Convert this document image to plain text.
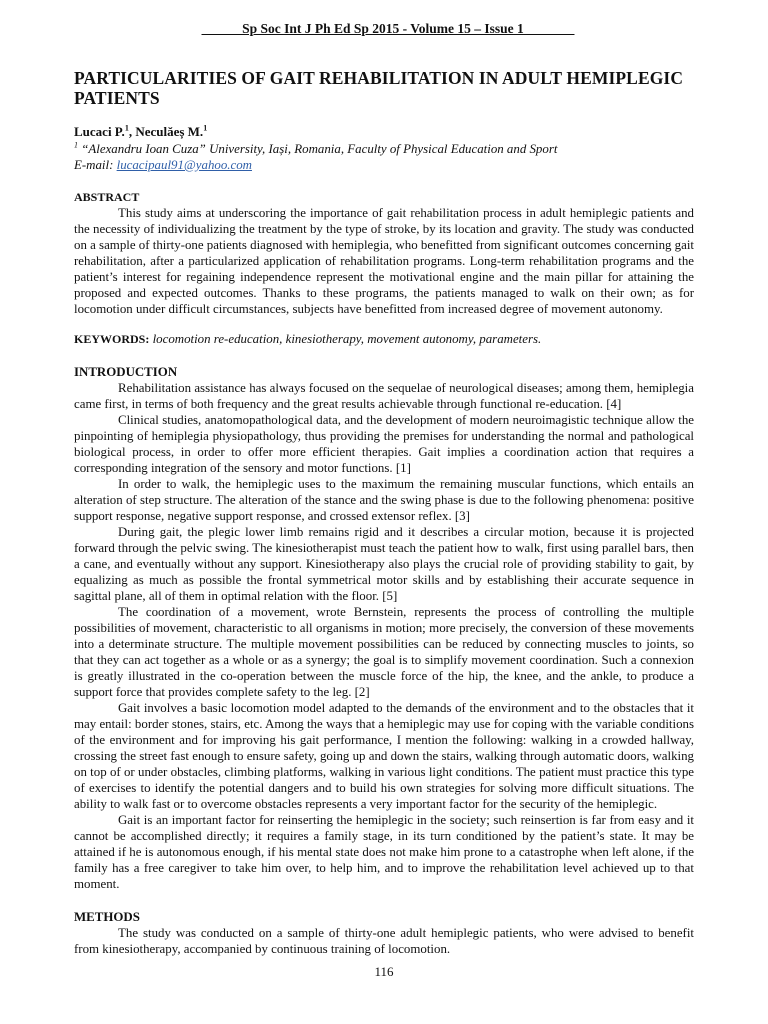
______Sp Soc Int J Ph Ed Sp 2015 - Volume 15 – Issue 1 _______
PARTICULARITIES OF GAIT REHABILITATION IN ADULT HEMIPLEGIC PATIENTS
Lucaci P.$^1$, Neculăeș M.$^1$
$^1$ “Alexandru Ioan Cuza” University, Iași, Romania, Faculty of Physical Education and Sport
E-mail: lucacipaul91@yahoo.com
ABSTRACT

This study aims at underscoring the importance of gait rehabilitation process in adult hemiplegic patients and the necessity of individualizing the treatment by the type of stroke, by its location and gravity. The study was conducted on a sample of thirty-one patients diagnosed with hemiplegia, who benefitted from significant outcomes concerning gait rehabilitation, after a particularized application of rehabilitation programs. Long-term rehabilitation programs and the patient’s interest for regaining independence represent the motivational engine and the main pillar for attaining the proposed and expected outcomes. Thanks to these programs, the patients managed to walk on their own; as for locomotion under difficult circumstances, subjects have benefitted from increased degree of movement autonomy.

KEYWORDS: locomotion re-education, kinesiotherapy, movement autonomy, parameters.

INTRODUCTION

Rehabilitation assistance has always focused on the sequelae of neurological diseases; among them, hemiplegia came first, in terms of both frequency and the great results achievable through functional re-education. [4]

Clinical studies, anatomopathological data, and the development of modern neuroimagistic technique allow the pinpointing of hemiplegia physiopathology, thus providing the premises for understanding the normal and pathological biological process, in order to offer more efficient therapies. Gait implies a coordination action that requires a corresponding integration of the sensory and motor functions. [1]

In order to walk, the hemiplegic uses to the maximum the remaining muscular functions, which entails an alteration of step structure. The alteration of the stance and the swing phase is due to the following phenomena: positive support response, negative support response, and crossed extensor reflex. [3]

During gait, the plegic lower limb remains rigid and it describes a circular motion, because it is projected forward through the pelvic swing. The kinesiotherapist must teach the patient how to walk, first using parallel bars, then a cane, and eventually without any support. Kinesiotherapy also plays the crucial role of providing stability to gait, by equalizing as much as possible the frontal symmetrical motor skills and by establishing their accurate sequence in sagittal plane, all of them in optimal relation with the floor. [5]

The coordination of a movement, wrote Bernstein, represents the process of controlling the multiple possibilities of movement, characteristic to all organisms in motion; more precisely, the conversion of these movements into a determinate structure. The multiple movement possibilities can be reduced by connecting muscles to joints, so that they can act together as a whole or as a synergy; the goal is to simplify movement coordination. Such a connexion is greatly illustrated in the co-operation between the muscle force of the hip, the knee, and the ankle, to produce a support force that provides complete safety to the leg. [2]

Gait involves a basic locomotion model adapted to the demands of the environment and to the obstacles that it may entail: border stones, stairs, etc. Among the ways that a hemiplegic may use for coping with the variable conditions of the environment and for improving his gait performance, I mention the following: walking in a crowded hallway, crossing the street fast enough to ensure safety, going up and down the stairs, walking through automatic doors, walking on top of or under obstacles, climbing platforms, walking in various light conditions. The patient must practice this type of exercises to identify the potential dangers and to build his own strategies for solving more difficult situations. The ability to walk fast or to overcome obstacles represents a very important factor for the security of the hemiplegic.

Gait is an important factor for reinserting the hemiplegic in the society; such reinsertion is far from easy and it cannot be accomplished directly; it requires a family stage, in its turn conditioned by the patient’s state. It may be attained if he is autonomous enough, if his mental state does not make him prone to a catastrophe when left alone, if the family has a free caregiver to take him over, to help him, and to improve the rehabilitation level achieved up to that moment.

METHODS

The study was conducted on a sample of thirty-one adult hemiplegic patients, who were advised to benefit from kinesiotherapy, accompanied by continuous training of locomotion.

116
